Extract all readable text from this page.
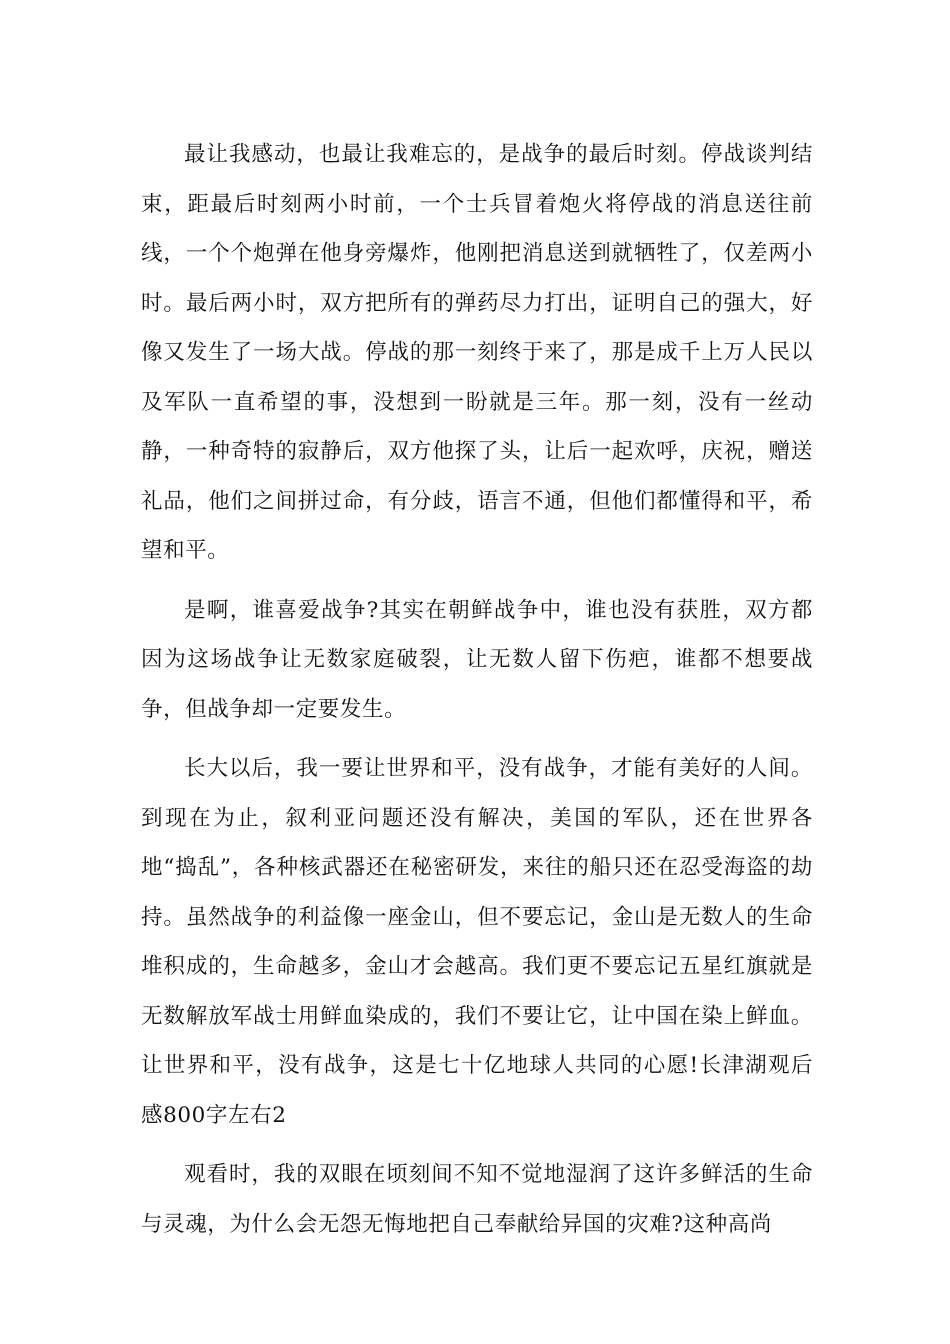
最让我感动，也最让我难忘的，是战争的最后时刻。停战谈判结束，距最后时刻两小时前，一个士兵冒着炮火将停战的消息送往前线，一个个炮弹在他身旁爆炸，他刚把消息送到就牺牲了，仅差两小时。最后两小时，双方把所有的弹药尽力打出，证明自己的强大，好像又发生了一场大战。停战的那一刻终于来了，那是成千上万人民以及军队一直希望的事，没想到一盼就是三年。那一刻，没有一丝动静，一种奇特的寂静后，双方他探了头，让后一起欢呼，庆祝，赠送礼品，他们之间拼过命，有分歧，语言不通，但他们都懂得和平，希望和平。

是啊，谁喜爱战争?其实在朝鲜战争中，谁也没有获胜，双方都因为这场战争让无数家庭破裂，让无数人留下伤疤，谁都不想要战争，但战争却一定要发生。

长大以后，我一要让世界和平，没有战争，才能有美好的人间。到现在为止，叙利亚问题还没有解决，美国的军队，还在世界各地“捣乱”，各种核武器还在秘密研发，来往的船只还在忍受海盗的劫持。虽然战争的利益像一座金山，但不要忘记，金山是无数人的生命堆积成的，生命越多，金山才会越高。我们更不要忘记五星红旗就是无数解放军战士用鲜血染成的，我们不要让它，让中国在染上鲜血。让世界和平，没有战争，这是七十亿地球人共同的心愿!长津湖观后感800字左右2

观看时，我的双眼在顷刻间不知不觉地湿润了这许多鲜活的生命与灵魂，为什么会无怨无悔地把自己奉献给异国的灾难?这种高尚
